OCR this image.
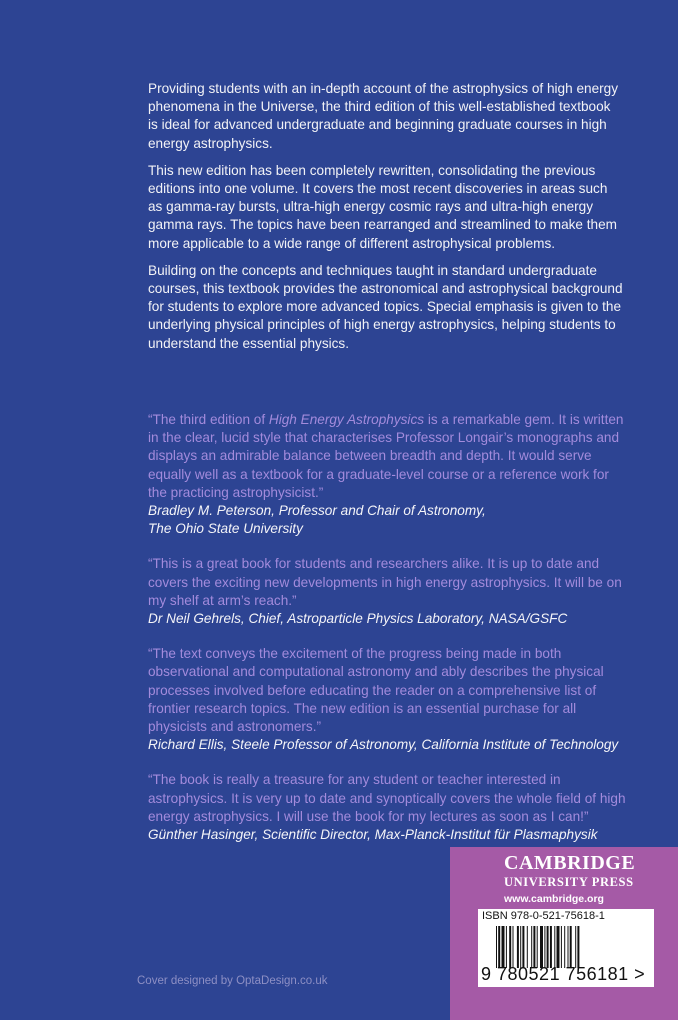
Providing students with an in-depth account of the astrophysics of high energy phenomena in the Universe, the third edition of this well-established textbook is ideal for advanced undergraduate and beginning graduate courses in high energy astrophysics.

This new edition has been completely rewritten, consolidating the previous editions into one volume. It covers the most recent discoveries in areas such as gamma-ray bursts, ultra-high energy cosmic rays and ultra-high energy gamma rays. The topics have been rearranged and streamlined to make them more applicable to a wide range of different astrophysical problems.

Building on the concepts and techniques taught in standard undergraduate courses, this textbook provides the astronomical and astrophysical background for students to explore more advanced topics. Special emphasis is given to the underlying physical principles of high energy astrophysics, helping students to understand the essential physics.

“The third edition of High Energy Astrophysics is a remarkable gem. It is written in the clear, lucid style that characterises Professor Longair’s monographs and displays an admirable balance between breadth and depth. It would serve equally well as a textbook for a graduate-level course or a reference work for the practicing astrophysicist.”
Bradley M. Peterson, Professor and Chair of Astronomy,
The Ohio State University
“This is a great book for students and researchers alike. It is up to date and covers the exciting new developments in high energy astrophysics. It will be on my shelf at arm’s reach.”
Dr Neil Gehrels, Chief, Astroparticle Physics Laboratory, NASA/GSFC
“The text conveys the excitement of the progress being made in both observational and computational astronomy and ably describes the physical processes involved before educating the reader on a comprehensive list of frontier research topics. The new edition is an essential purchase for all physicists and astronomers.”
Richard Ellis, Steele Professor of Astronomy, California Institute of Technology
“The book is really a treasure for any student or teacher interested in astrophysics. It is very up to date and synoptically covers the whole field of high energy astrophysics. I will use the book for my lectures as soon as I can!”
Günther Hasinger, Scientific Director, Max-Planck-Institut für Plasmaphysik
CAMBRIDGE
UNIVERSITY PRESS
www.cambridge.org
ISBN 978-0-521-75618-1
9 780521 756181 >
Cover designed by OptaDesign.co.uk
